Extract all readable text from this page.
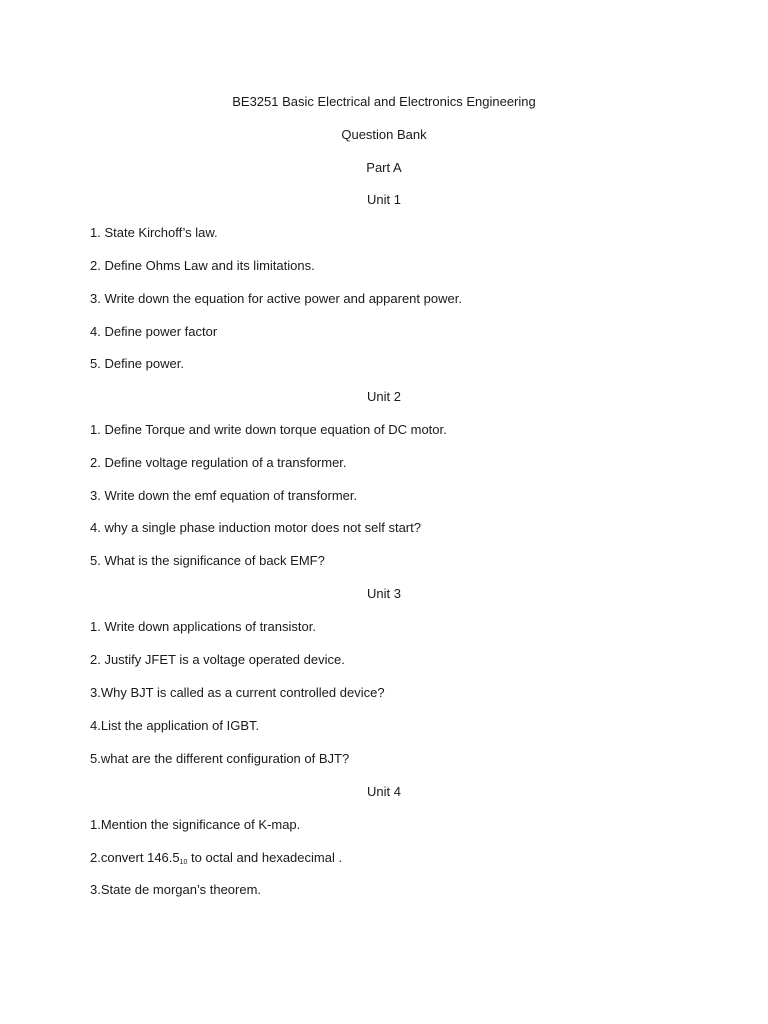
BE3251 Basic Electrical and Electronics Engineering
Question Bank
Part A
Unit 1
1. State Kirchoff’s law.
2. Define Ohms Law and its limitations.
3. Write down the equation for active power and apparent power.
4. Define power factor
5. Define power.
Unit 2
1. Define Torque and write down torque equation of DC motor.
2. Define voltage regulation of a transformer.
3. Write down the emf equation of transformer.
4. why a single phase induction motor does not self start?
5. What is the significance of back EMF?
Unit 3
1. Write down applications of transistor.
2. Justify JFET is a voltage operated device.
3.Why BJT is called as a current controlled device?
4.List the application of IGBT.
5.what are the different configuration of BJT?
Unit 4
1.Mention the significance of K-map.
2.convert $146.5_{10}$ to octal and hexadecimal .
3.State de morgan’s theorem.
